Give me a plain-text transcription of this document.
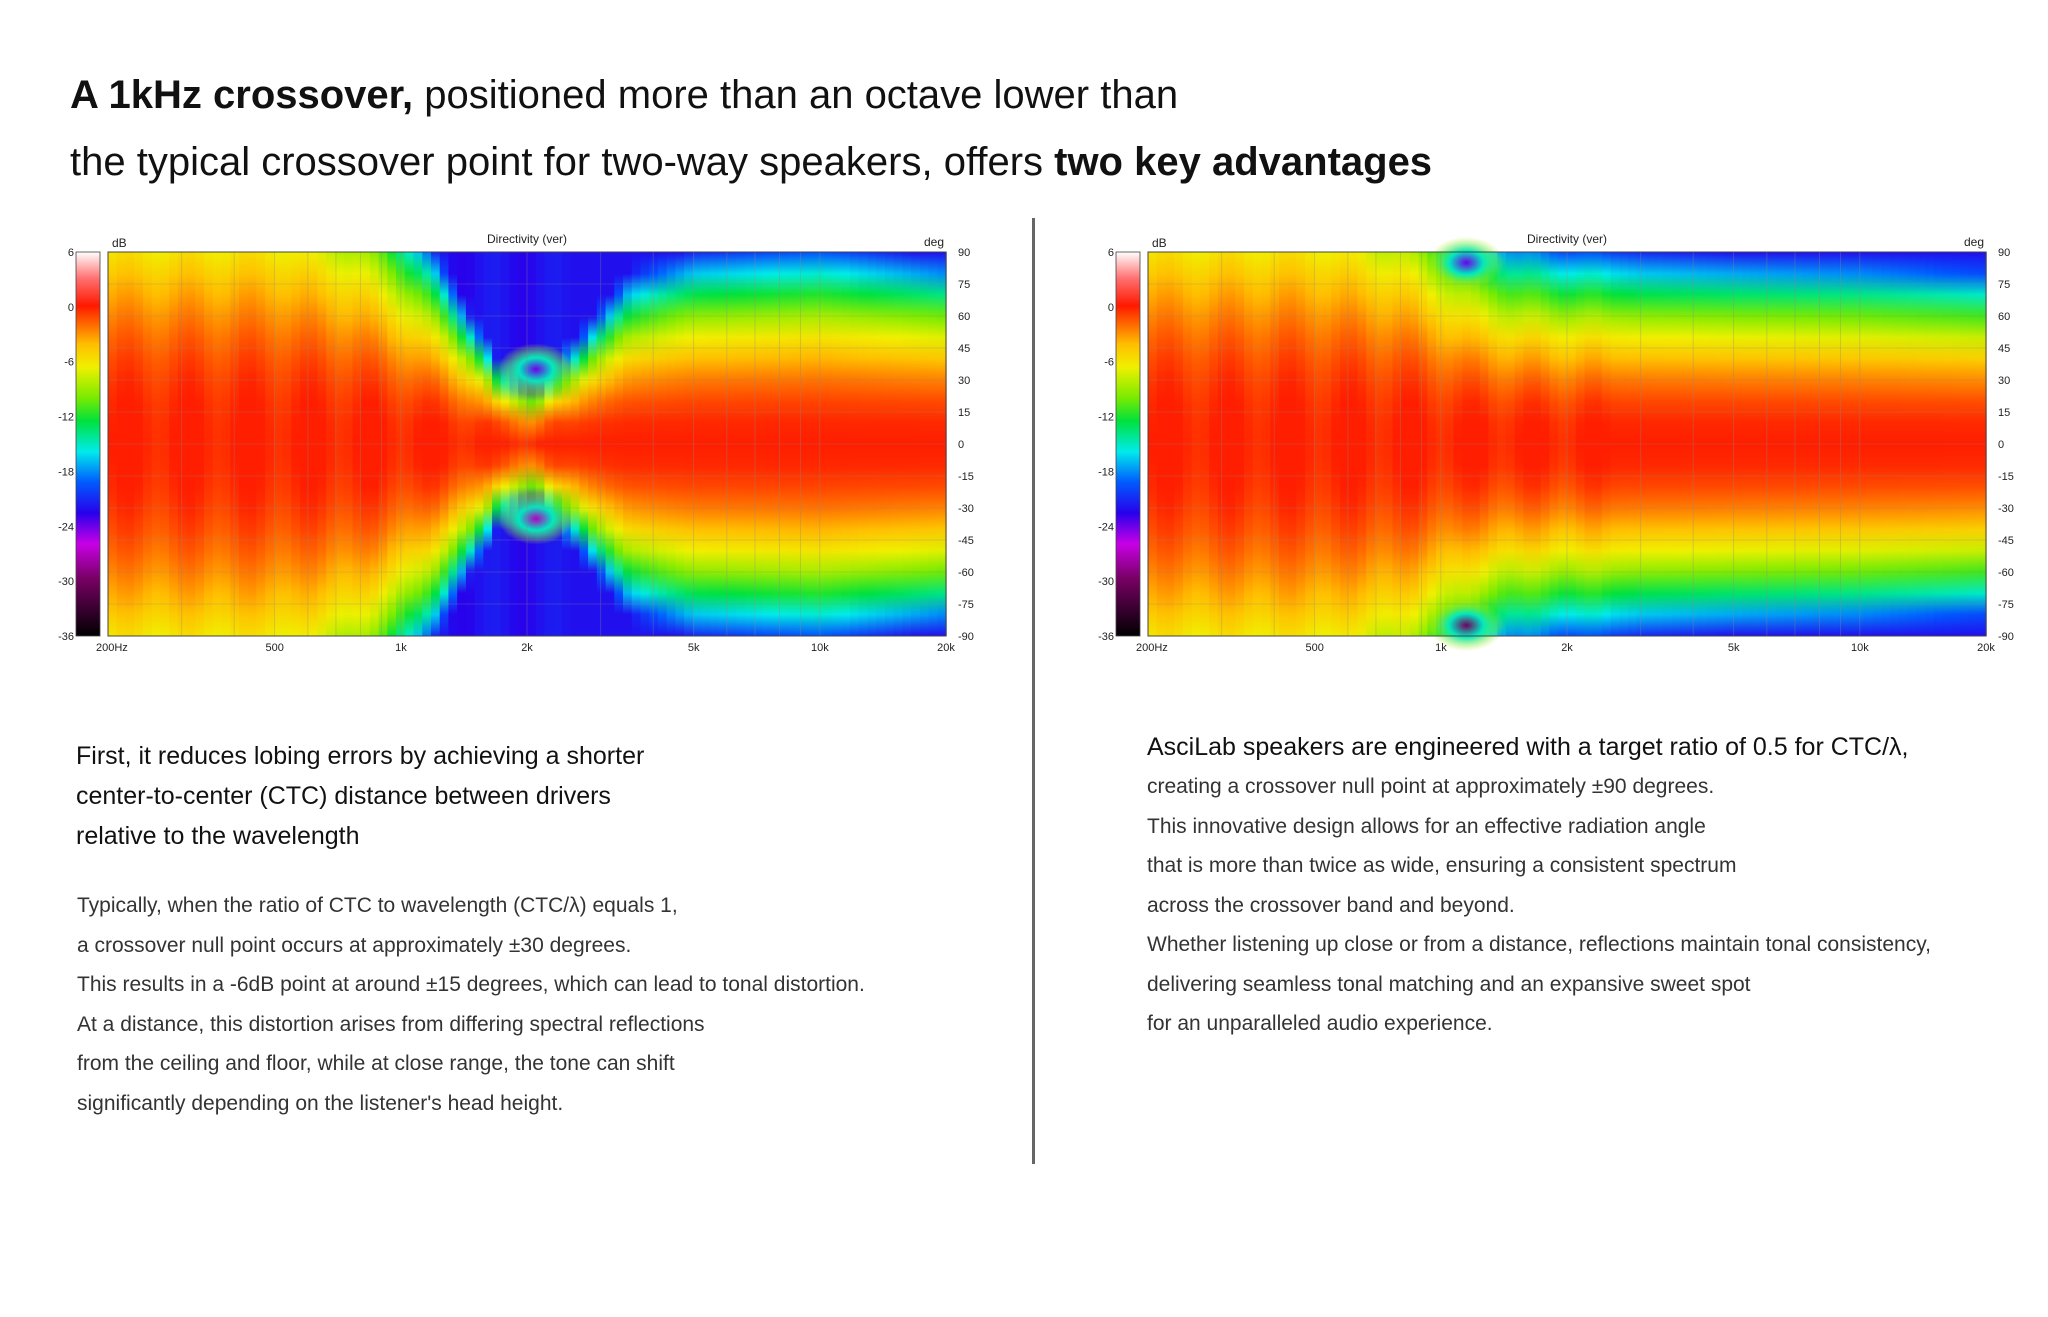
A 1kHz crossover, positioned more than an octave lower than
the typical crossover point for two-way speakers, offers two key advantages
Directivity (ver)
dB	deg
6
0
-6
-12
-18
-24
-30
-36
90
75
60
45
30
15
0
-15
-30
-45
-60
-75
-90
200Hz	500	1k	2k	5k	10k	20k
Directivity (ver)
dB	deg
6
0
-6
-12
-18
-24
-30
-36
90
75
60
45
30
15
0
-15
-30
-45
-60
-75
-90
200Hz	500	1k	2k	5k	10k	20k
First, it reduces lobing errors by achieving a shorter
center-to-center (CTC) distance between drivers
relative to the wavelength
Typically, when the ratio of CTC to wavelength (CTC/λ) equals 1,
a crossover null point occurs at approximately ±30 degrees.
This results in a -6dB point at around ±15 degrees, which can lead to tonal distortion.
At a distance, this distortion arises from differing spectral reflections
from the ceiling and floor, while at close range, the tone can shift
significantly depending on the listener's head height.
AsciLab speakers are engineered with a target ratio of 0.5 for CTC/λ,
creating a crossover null point at approximately ±90 degrees.
This innovative design allows for an effective radiation angle
that is more than twice as wide, ensuring a consistent spectrum
across the crossover band and beyond.
Whether listening up close or from a distance, reflections maintain tonal consistency,
delivering seamless tonal matching and an expansive sweet spot
for an unparalleled audio experience.
